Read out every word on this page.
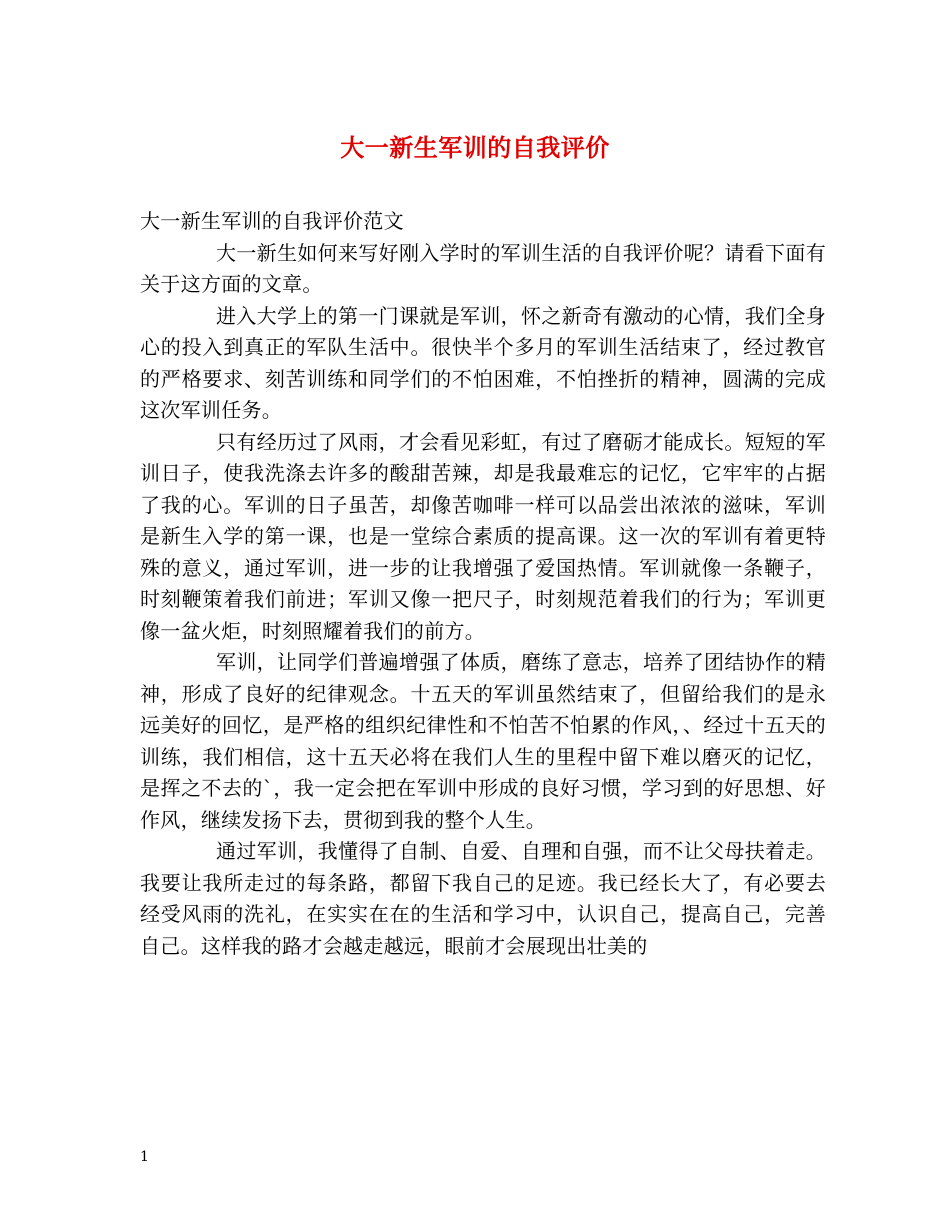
大一新生军训的自我评价

大一新生军训的自我评价范文

大一新生如何来写好刚入学时的军训生活的自我评价呢？请看下面有关于这方面的文章。

进入大学上的第一门课就是军训，怀之新奇有激动的心情，我们全身心的投入到真正的军队生活中。很快半个多月的军训生活结束了，经过教官的严格要求、刻苦训练和同学们的不怕困难，不怕挫折的精神，圆满的完成这次军训任务。

只有经历过了风雨，才会看见彩虹，有过了磨砺才能成长。短短的军训日子，使我洗涤去许多的酸甜苦辣，却是我最难忘的记忆，它牢牢的占据了我的心。军训的日子虽苦，却像苦咖啡一样可以品尝出浓浓的滋味，军训是新生入学的第一课，也是一堂综合素质的提高课。这一次的军训有着更特殊的意义，通过军训，进一步的让我增强了爱国热情。军训就像一条鞭子，时刻鞭策着我们前进；军训又像一把尺子，时刻规范着我们的行为；军训更像一盆火炬，时刻照耀着我们的前方。

军训，让同学们普遍增强了体质，磨练了意志，培养了团结协作的精神，形成了良好的纪律观念。十五天的军训虽然结束了，但留给我们的是永远美好的回忆，是严格的组织纪律性和不怕苦不怕累的作风，、经过十五天的训练，我们相信，这十五天必将在我们人生的里程中留下难以磨灭的记忆，是挥之不去的`，我一定会把在军训中形成的良好习惯，学习到的好思想、好作风，继续发扬下去，贯彻到我的整个人生。

通过军训，我懂得了自制、自爱、自理和自强，而不让父母扶着走。我要让我所走过的每条路，都留下我自己的足迹。我已经长大了，有必要去经受风雨的洗礼，在实实在在的生活和学习中，认识自己，提高自己，完善自己。这样我的路才会越走越远，眼前才会展现出壮美的

1
